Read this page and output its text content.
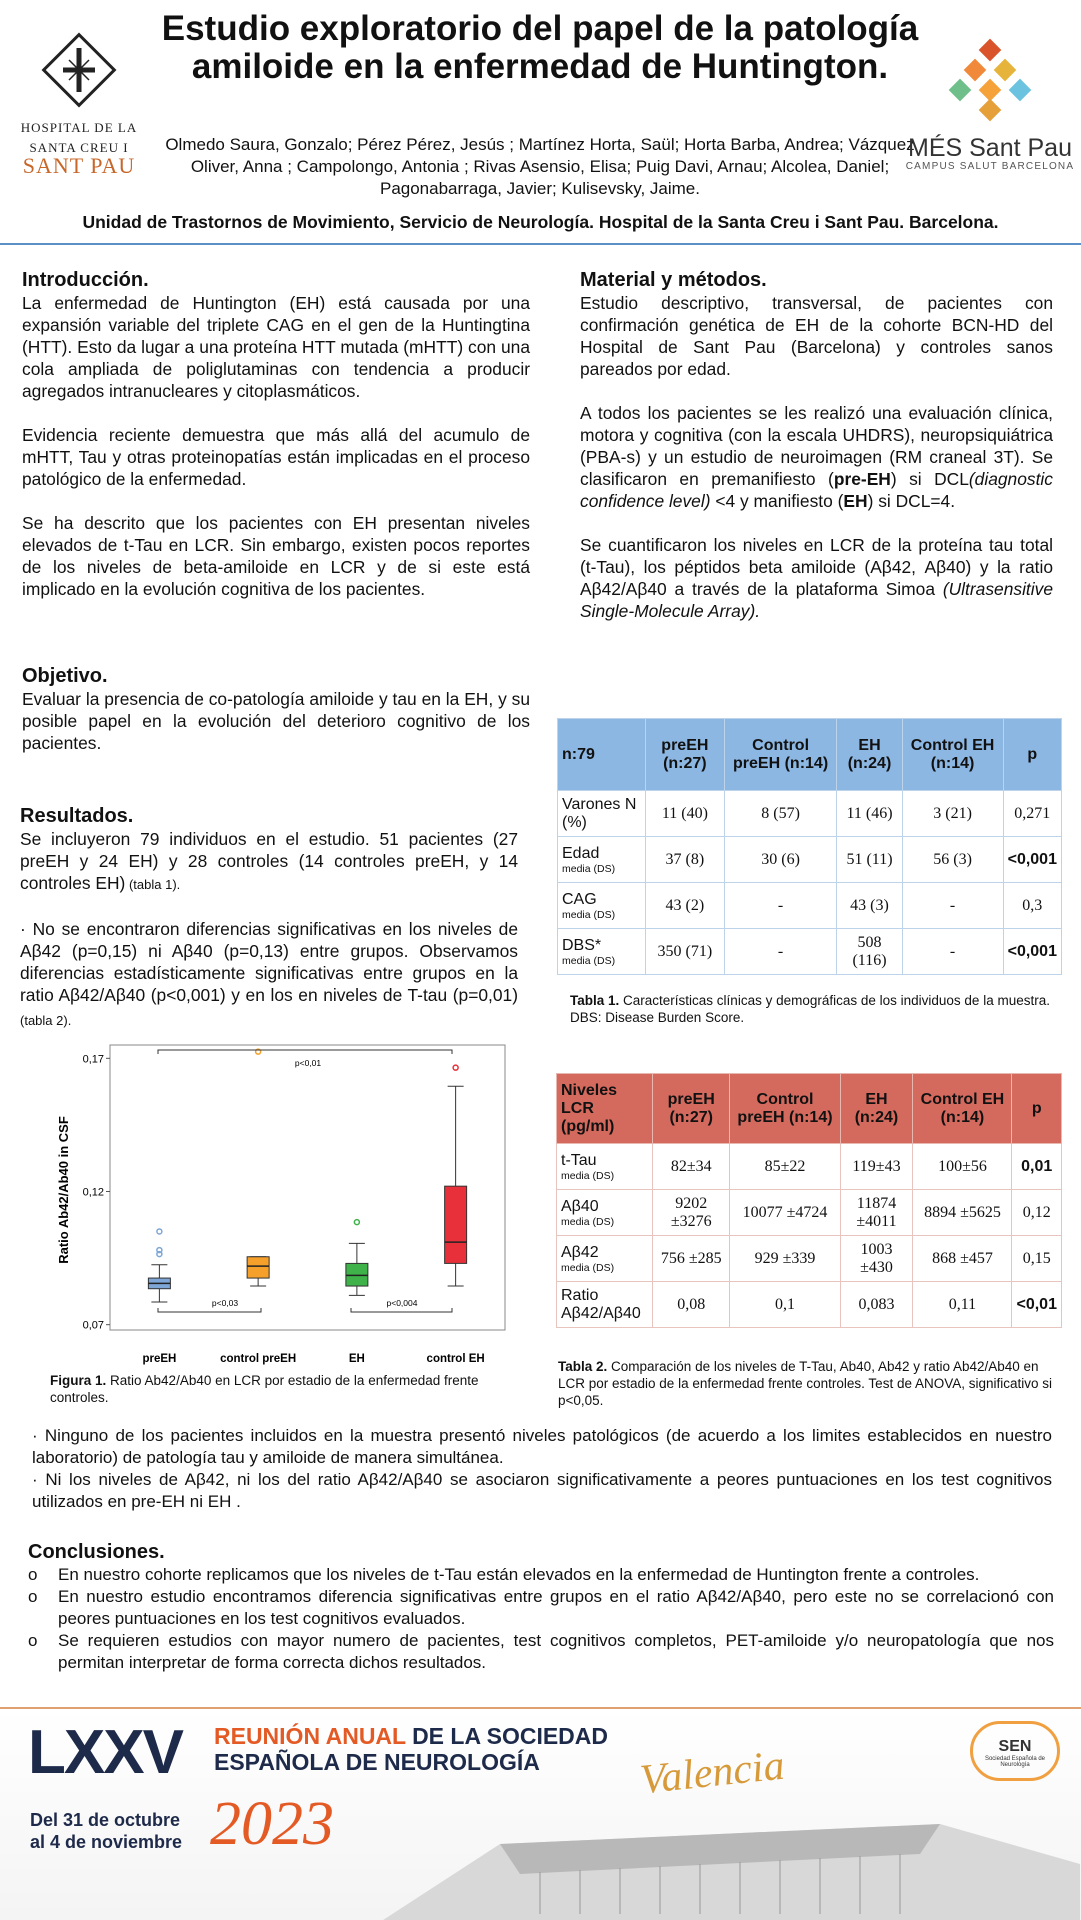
HOSPITAL DE LA
SANTA CREU I
SANT PAU
Estudio exploratorio del papel de la patología amiloide en la enfermedad de Huntington.
Olmedo Saura, Gonzalo; Pérez Pérez, Jesús ; Martínez Horta, Saül; Horta Barba, Andrea; Vázquez Oliver, Anna ; Campolongo, Antonia ; Rivas Asensio, Elisa; Puig Davi, Arnau; Alcolea, Daniel; Pagonabarraga, Javier; Kulisevsky, Jaime.
MÉS Sant Pau
CAMPUS SALUT BARCELONA
Unidad de Trastornos de Movimiento, Servicio de Neurología. Hospital de la Santa Creu i Sant Pau. Barcelona.
Introducción.

La enfermedad de Huntington (EH) está causada por una expansión variable del triplete CAG en el gen de la Huntingtina (HTT). Esto da lugar a una proteína HTT mutada (mHTT) con una cola ampliada de poliglutaminas con tendencia a producir agregados intranucleares y citoplasmáticos.

Evidencia reciente demuestra que más allá del acumulo de mHTT, Tau y otras proteinopatías están implicadas en el proceso patológico de la enfermedad.

Se ha descrito que los pacientes con EH presentan niveles elevados de t-Tau en LCR. Sin embargo, existen pocos reportes de los niveles de beta-amiloide en LCR y de si este está implicado en la evolución cognitiva de los pacientes.

Objetivo.

Evaluar la presencia de co-patología amiloide y tau en la EH, y su posible papel en la evolución del deterioro cognitivo de los pacientes.

Resultados.

Se incluyeron 79 individuos en el estudio. 51 pacientes (27 preEH y 24 EH) y 28 controles (14 controles preEH, y 14 controles EH) (tabla 1).

· No se encontraron diferencias significativas en los niveles de Aβ42 (p=0,15) ni Aβ40 (p=0,13) entre grupos. Observamos diferencias estadísticamente significativas entre grupos en la ratio Aβ42/Aβ40 (p<0,001) y en los en niveles de T-tau (p=0,01) (tabla 2).

Ratio Ab42/Ab40 in CSF
0,07
0,12
0,17
preEH	control preEH	EH	control EH
p<0,01
p<0,03	p<0,004
Figura 1. Ratio Ab42/Ab40 en LCR por estadio de la enfermedad frente controles.
Material y métodos.

Estudio descriptivo, transversal, de pacientes con confirmación genética de EH de la cohorte BCN-HD del Hospital de Sant Pau (Barcelona) y controles sanos pareados por edad.

A todos los pacientes se les realizó una evaluación clínica, motora y cognitiva (con la escala UHDRS), neuropsiquiátrica (PBA-s) y un estudio de neuroimagen (RM craneal 3T). Se clasificaron en premanifiesto (pre-EH) si DCL(diagnostic confidence level) <4 y manifiesto (EH) si DCL=4.

Se cuantificaron los niveles en LCR de la proteína tau total (t-Tau), los péptidos beta amiloide (Aβ42, Aβ40) y la ratio Aβ42/Aβ40 a través de la plataforma Simoa (Ultrasensitive Single-Molecule Array).

n:79	preEH (n:27)	Control preEH (n:14)	EH (n:24)	Control EH (n:14)	p
Varones N (%)	11 (40)	8 (57)	11 (46)	3 (21)	0,271
Edad
media (DS)	37 (8)	30 (6)	51 (11)	56 (3)	<0,001
CAG
media (DS)	43 (2)	-	43 (3)	-	0,3
DBS*
media (DS)	350 (71)	-	508 (116)	-	<0,001
Tabla 1. Características clínicas y demográficas de los individuos de la muestra. DBS: Disease Burden Score.
Niveles LCR (pg/ml)	preEH (n:27)	Control preEH (n:14)	EH (n:24)	Control EH (n:14)	p
t-Tau
media (DS)	82±34	85±22	119±43	100±56	0,01
Aβ40
media (DS)	9202 ±3276	10077 ±4724	11874 ±4011	8894 ±5625	0,12
Aβ42
media (DS)	756 ±285	929 ±339	1003 ±430	868 ±457	0,15
Ratio Aβ42/Aβ40	0,08	0,1	0,083	0,11	<0,01
Tabla 2. Comparación de los niveles de T-Tau, Ab40, Ab42 y ratio Ab42/Ab40 en LCR por estadio de la enfermedad frente controles. Test de ANOVA, significativo si p<0,05.
· Ninguno de los pacientes incluidos en la muestra presentó niveles patológicos (de acuerdo a los limites establecidos en nuestro laboratorio) de patología tau y amiloide de manera simultánea.
· Ni los niveles de Aβ42, ni los del ratio Aβ42/Aβ40 se asociaron significativamente a peores puntuaciones en los test cognitivos utilizados en pre-EH ni EH .
Conclusiones.
o En nuestro cohorte replicamos que los niveles de t-Tau están elevados en la enfermedad de Huntington frente a controles.
o En nuestro estudio encontramos diferencia significativas entre grupos en el ratio Aβ42/Aβ40, pero este no se correlacionó con peores puntuaciones en los test cognitivos evaluados.
o Se requieren estudios con mayor numero de pacientes, test cognitivos completos, PET-amiloide y/o neuropatología que nos permitan interpretar de forma correcta dichos resultados.
LXXV REUNIÓN ANUAL DE LA SOCIEDAD
ESPAÑOLA DE NEUROLOGÍA
Del 31 de octubre
al 4 de noviembre 2023
Valencia	SEN
Sociedad Española de Neurología
